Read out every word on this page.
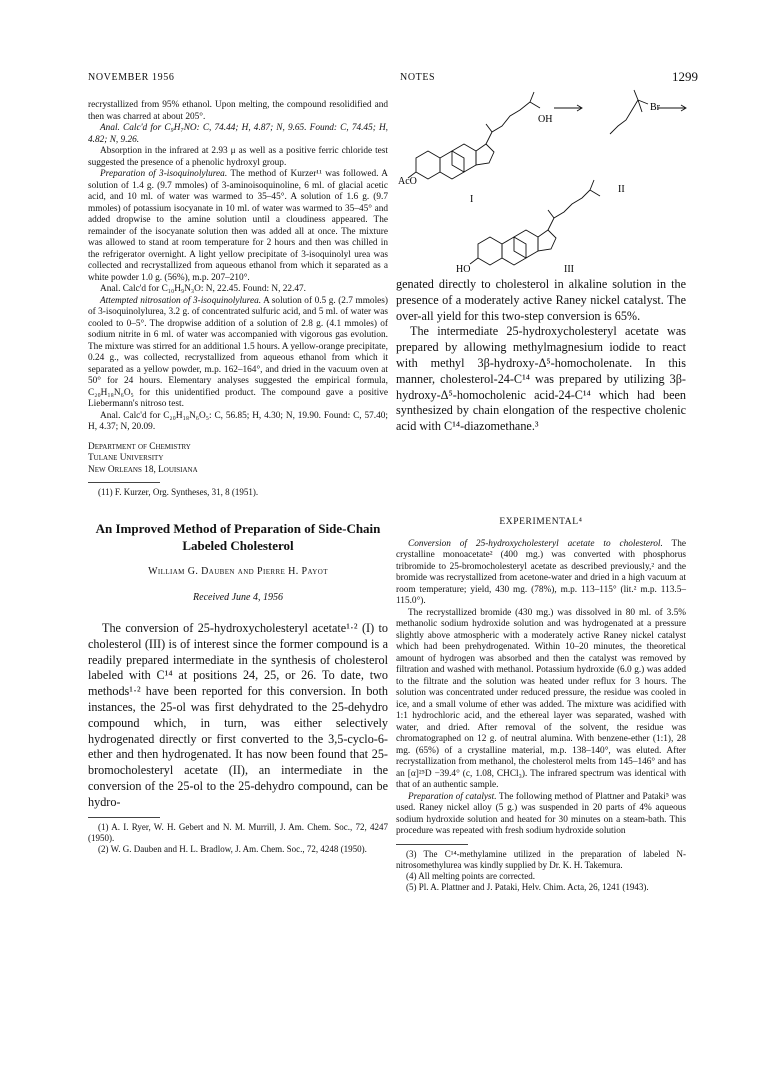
NOVEMBER 1956	NOTES	1299
AcO
OH
I
Br
II
HO	III

recrystallized from 95% ethanol. Upon melting, the compound resolidified and then was charred at about 205°.

Anal. Calc'd for C₉H₇NO: C, 74.44; H, 4.87; N, 9.65. Found: C, 74.45; H, 4.82; N, 9.26.

Absorption in the infrared at 2.93 μ as well as a positive ferric chloride test suggested the presence of a phenolic hydroxyl group.

Preparation of 3-isoquinolylurea. The method of Kurzer¹¹ was followed. A solution of 1.4 g. (9.7 mmoles) of 3-aminoisoquinoline, 6 ml. of glacial acetic acid, and 10 ml. of water was warmed to 35–45°. A solution of 1.6 g. (9.7 mmoles) of potassium isocyanate in 10 ml. of water was warmed to 35–45° and added dropwise to the amine solution until a cloudiness appeared. The remainder of the isocyanate solution then was added all at once. The mixture was allowed to stand at room temperature for 2 hours and then was chilled in the refrigerator overnight. A light yellow precipitate of 3-isoquinolyl urea was collected and recrystallized from aqueous ethanol from which it separated as a white powder 1.0 g. (56%), m.p. 207–210°.

Anal. Calc'd for C₁₀H₉N₃O: N, 22.45. Found: N, 22.47.

Attempted nitrosation of 3-isoquinolylurea. A solution of 0.5 g. (2.7 mmoles) of 3-isoquinolylurea, 3.2 g. of concentrated sulfuric acid, and 5 ml. of water was cooled to 0–5°. The dropwise addition of a solution of 2.8 g. (4.1 mmoles) of sodium nitrite in 6 ml. of water was accompanied with vigorous gas evolution. The mixture was stirred for an additional 1.5 hours. A yellow-orange precipitate, 0.24 g., was collected, recrystallized from aqueous ethanol from which it separated as a yellow powder, m.p. 162–164°, and dried in the vacuum oven at 50° for 24 hours. Elementary analyses suggested the empirical formula, C₂₀H₁₈N₆O₅ for this unidentified product. The compound gave a positive Liebermann's nitroso test.

Anal. Calc'd for C₂₀H₁₈N₆O₅: C, 56.85; H, 4.30; N, 19.90. Found: C, 57.40; H, 4.37; N, 20.09.

Department of Chemistry
Tulane University
New Orleans 18, Louisiana

(11) F. Kurzer, Org. Syntheses, 31, 8 (1951).

An Improved Method of Preparation of Side-Chain Labeled Cholesterol
William G. Dauben and Pierre H. Payot
Received June 4, 1956

The conversion of 25-hydroxycholesteryl acetate¹·² (I) to cholesterol (III) is of interest since the former compound is a readily prepared intermediate in the synthesis of cholesterol labeled with C¹⁴ at positions 24, 25, or 26. To date, two methods¹·² have been reported for this conversion. In both instances, the 25-ol was first dehydrated to the 25-dehydro compound which, in turn, was either selectively hydrogenated directly or first converted to the 3,5-cyclo-6-ether and then hydrogenated. It has now been found that 25-bromocholesteryl acetate (II), an intermediate in the conversion of the 25-ol to the 25-dehydro compound, can be hydro-

(1) A. I. Ryer, W. H. Gebert and N. M. Murrill, J. Am. Chem. Soc., 72, 4247 (1950).

(2) W. G. Dauben and H. L. Bradlow, J. Am. Chem. Soc., 72, 4248 (1950).

genated directly to cholesterol in alkaline solution in the presence of a moderately active Raney nickel catalyst. The over-all yield for this two-step conversion is 65%.

The intermediate 25-hydroxycholesteryl acetate was prepared by allowing methylmagnesium iodide to react with methyl 3β-hydroxy-Δ⁵-homocholenate. In this manner, cholesterol-24-C¹⁴ was prepared by utilizing 3β-hydroxy-Δ⁵-homocholenic acid-24-C¹⁴ which had been synthesized by chain elongation of the respective cholenic acid with C¹⁴-diazomethane.³

EXPERIMENTAL⁴

Conversion of 25-hydroxycholesteryl acetate to cholesterol. The crystalline monoacetate² (400 mg.) was converted with phosphorus tribromide to 25-bromocholesteryl acetate as described previously,² and the bromide was recrystallized from acetone-water and dried in a high vacuum at room temperature; yield, 430 mg. (78%), m.p. 113–115° (lit.² m.p. 113.5–115.0°).

The recrystallized bromide (430 mg.) was dissolved in 80 ml. of 3.5% methanolic sodium hydroxide solution and was hydrogenated at a pressure slightly above atmospheric with a moderately active Raney nickel catalyst which had been prehydrogenated. Within 10–20 minutes, the theoretical amount of hydrogen was absorbed and then the catalyst was removed by filtration and washed with methanol. Potassium hydroxide (6.0 g.) was added to the filtrate and the solution was heated under reflux for 3 hours. The solution was concentrated under reduced pressure, the residue was cooled in ice, and a small volume of ether was added. The mixture was acidified with 1:1 hydrochloric acid, and the ethereal layer was separated, washed with water, and dried. After removal of the solvent, the residue was chromatographed on 12 g. of neutral alumina. With benzene-ether (1:1), 28 mg. (65%) of a crystalline material, m.p. 138–140°, was eluted. After recrystallization from methanol, the cholesterol melts from 145–146° and has an [α]²⁵D −39.4° (c, 1.08, CHCl₃). The infrared spectrum was identical with that of an authentic sample.

Preparation of catalyst. The following method of Plattner and Pataki⁵ was used. Raney nickel alloy (5 g.) was suspended in 20 parts of 4% aqueous sodium hydroxide solution and heated for 30 minutes on a steam-bath. This procedure was repeated with fresh sodium hydroxide solution

(3) The C¹⁴-methylamine utilized in the preparation of labeled N-nitrosomethylurea was kindly supplied by Dr. K. H. Takemura.

(4) All melting points are corrected.

(5) Pl. A. Plattner and J. Pataki, Helv. Chim. Acta, 26, 1241 (1943).
